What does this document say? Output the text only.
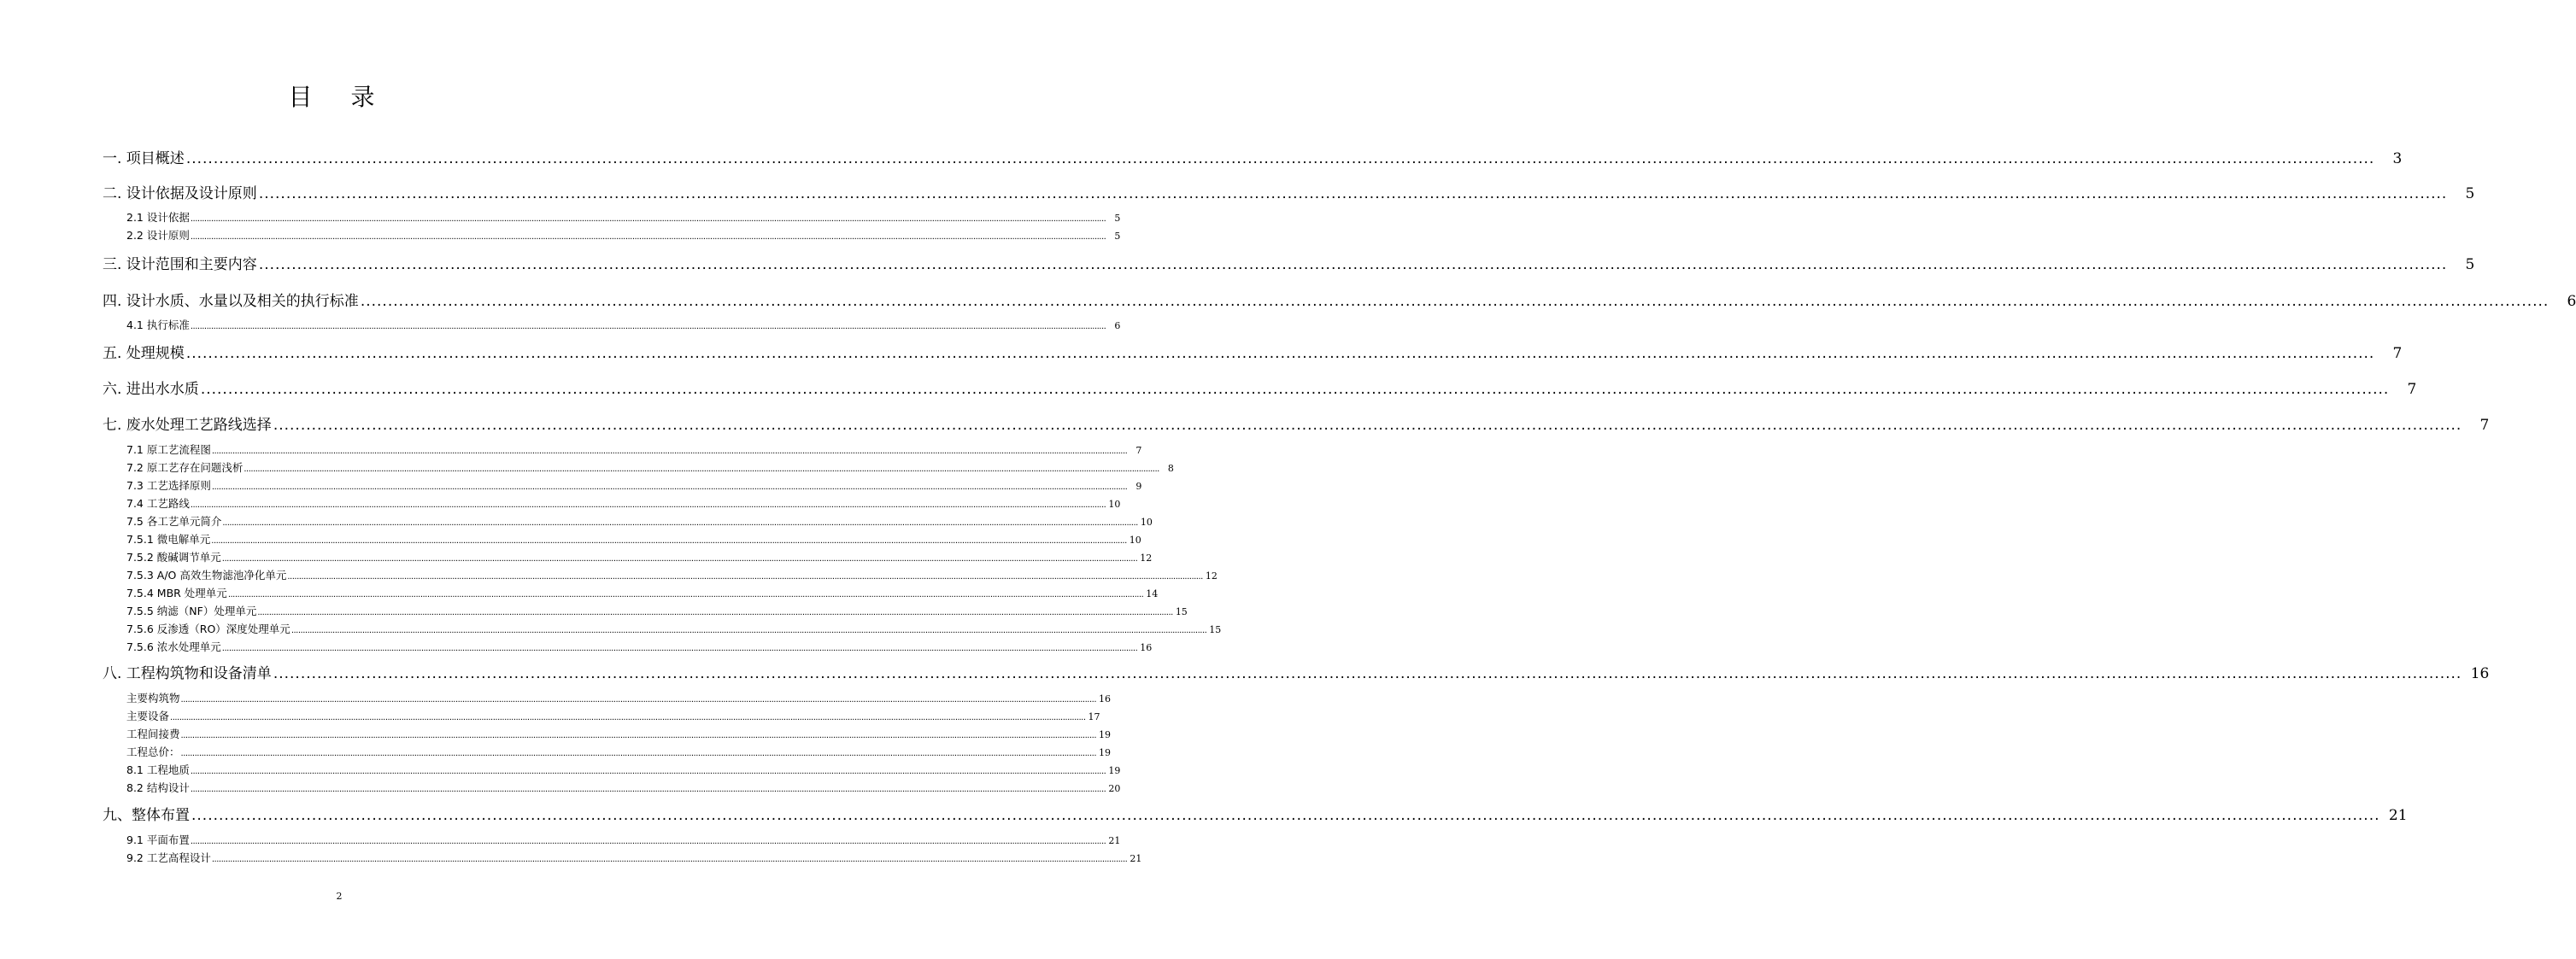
目 录
一. 项目概述 ................................................................................................................................................................................................................................................................................................................................................................................................................	3
二. 设计依据及设计原则 ................................................................................................................................................................................................................................................................................................................................................................................................................	5
2.1 设计依据 ................................................................................................................................................................................................................................................................................................................................................................................................................ 5
2.2 设计原则 ................................................................................................................................................................................................................................................................................................................................................................................................................ 5
三. 设计范围和主要内容 ................................................................................................................................................................................................................................................................................................................................................................................................................	5
四. 设计水质、水量以及相关的执行标准 ................................................................................................................................................................................................................................................................................................................................................................................................................	6
4.1 执行标准 ................................................................................................................................................................................................................................................................................................................................................................................................................ 6
五. 处理规模 ................................................................................................................................................................................................................................................................................................................................................................................................................	7
六. 进出水水质 ................................................................................................................................................................................................................................................................................................................................................................................................................	7
七. 废水处理工艺路线选择 ................................................................................................................................................................................................................................................................................................................................................................................................................	7
7.1 原工艺流程图 ................................................................................................................................................................................................................................................................................................................................................................................................................ 7
7.2 原工艺存在问题浅析 ................................................................................................................................................................................................................................................................................................................................................................................................................ 8
7.3 工艺选择原则 ................................................................................................................................................................................................................................................................................................................................................................................................................ 9
7.4 工艺路线 ................................................................................................................................................................................................................................................................................................................................................................................................................ 10
7.5 各工艺单元简介 ................................................................................................................................................................................................................................................................................................................................................................................................................ 10
7.5.1 微电解单元 ................................................................................................................................................................................................................................................................................................................................................................................................................ 10
7.5.2 酸碱调节单元 ................................................................................................................................................................................................................................................................................................................................................................................................................ 12
7.5.3 A/O 高效生物滤池净化单元 ................................................................................................................................................................................................................................................................................................................................................................................................................ 12
7.5.4 MBR 处理单元 ................................................................................................................................................................................................................................................................................................................................................................................................................ 14
7.5.5 纳滤（NF）处理单元 ................................................................................................................................................................................................................................................................................................................................................................................................................ 15
7.5.6 反渗透（RO）深度处理单元 ................................................................................................................................................................................................................................................................................................................................................................................................................ 15
7.5.6 浓水处理单元 ................................................................................................................................................................................................................................................................................................................................................................................................................ 16
八. 工程构筑物和设备清单 ................................................................................................................................................................................................................................................................................................................................................................................................................ 16
主要构筑物 ................................................................................................................................................................................................................................................................................................................................................................................................................ 16
主要设备 ................................................................................................................................................................................................................................................................................................................................................................................................................ 17
工程间接费 ................................................................................................................................................................................................................................................................................................................................................................................................................ 19
工程总价： ................................................................................................................................................................................................................................................................................................................................................................................................................ 19
8.1 工程地质 ................................................................................................................................................................................................................................................................................................................................................................................................................ 19
8.2 结构设计 ................................................................................................................................................................................................................................................................................................................................................................................................................ 20
九、整体布置 ................................................................................................................................................................................................................................................................................................................................................................................................................ 21
9.1 平面布置 ................................................................................................................................................................................................................................................................................................................................................................................................................ 21
9.2 工艺高程设计 ................................................................................................................................................................................................................................................................................................................................................................................................................ 21
2
